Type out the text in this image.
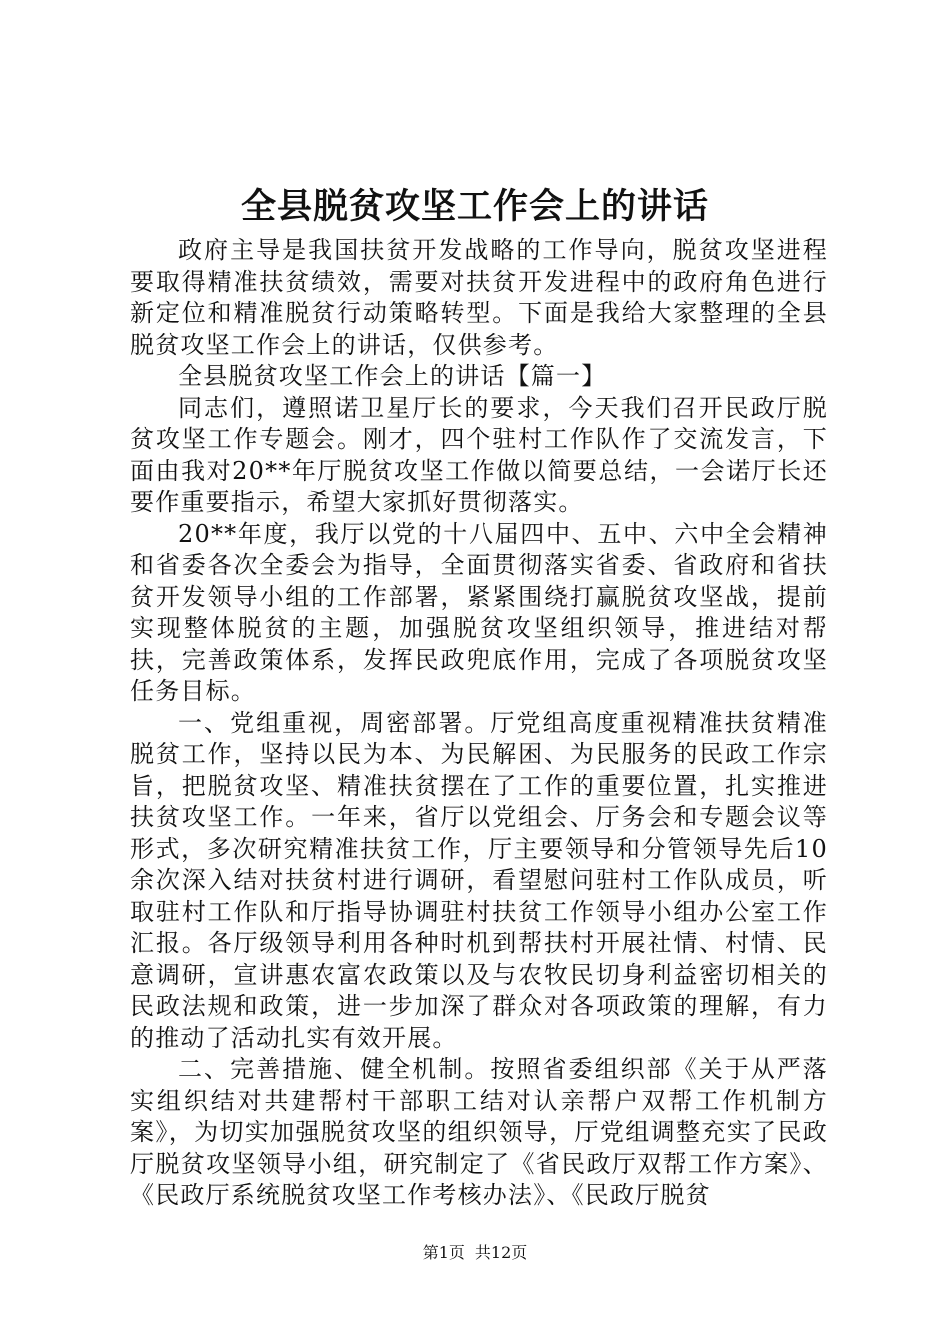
全县脱贫攻坚工作会上的讲话

政府主导是我国扶贫开发战略的工作导向，脱贫攻坚进程要取得精准扶贫绩效，需要对扶贫开发进程中的政府角色进行新定位和精准脱贫行动策略转型。下面是我给大家整理的全县脱贫攻坚工作会上的讲话，仅供参考。

全县脱贫攻坚工作会上的讲话【篇一】

同志们，遵照诺卫星厅长的要求，今天我们召开民政厅脱贫攻坚工作专题会。刚才，四个驻村工作队作了交流发言，下面由我对20**年厅脱贫攻坚工作做以简要总结，一会诺厅长还要作重要指示，希望大家抓好贯彻落实。

20**年度，我厅以党的十八届四中、五中、六中全会精神和省委各次全委会为指导，全面贯彻落实省委、省政府和省扶贫开发领导小组的工作部署，紧紧围绕打赢脱贫攻坚战，提前实现整体脱贫的主题，加强脱贫攻坚组织领导，推进结对帮扶，完善政策体系，发挥民政兜底作用，完成了各项脱贫攻坚任务目标。

一、党组重视，周密部署。厅党组高度重视精准扶贫精准脱贫工作，坚持以民为本、为民解困、为民服务的民政工作宗旨，把脱贫攻坚、精准扶贫摆在了工作的重要位置，扎实推进扶贫攻坚工作。一年来，省厅以党组会、厅务会和专题会议等形式，多次研究精准扶贫工作，厅主要领导和分管领导先后10余次深入结对扶贫村进行调研，看望慰问驻村工作队成员，听取驻村工作队和厅指导协调驻村扶贫工作领导小组办公室工作汇报。各厅级领导利用各种时机到帮扶村开展社情、村情、民意调研，宣讲惠农富农政策以及与农牧民切身利益密切相关的民政法规和政策，进一步加深了群众对各项政策的理解，有力的推动了活动扎实有效开展。

二、完善措施、健全机制。按照省委组织部《关于从严落实组织结对共建帮村干部职工结对认亲帮户双帮工作机制方案》，为切实加强脱贫攻坚的组织领导，厅党组调整充实了民政厅脱贫攻坚领导小组，研究制定了《省民政厅双帮工作方案》、《民政厅系统脱贫攻坚工作考核办法》、《民政厅脱贫

第1页 共12页
